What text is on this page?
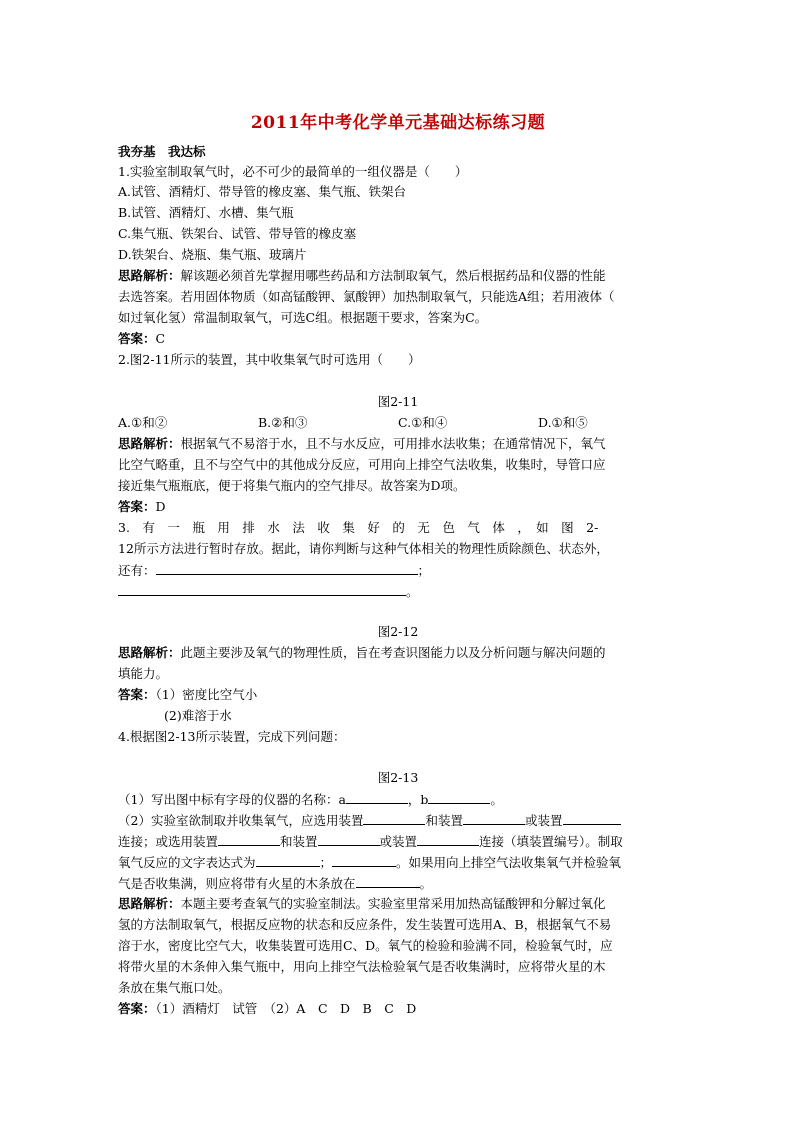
2011年中考化学单元基础达标练习题
我夯基　我达标
1.实验室制取氧气时，必不可少的最简单的一组仪器是（　　）
A.试管、酒精灯、带导管的橡皮塞、集气瓶、铁架台
B.试管、酒精灯、水槽、集气瓶
C.集气瓶、铁架台、试管、带导管的橡皮塞
D.铁架台、烧瓶、集气瓶、玻璃片
思路解析：解该题必须首先掌握用哪些药品和方法制取氧气，然后根据药品和仪器的性能
去选答案。若用固体物质（如高锰酸钾、氯酸钾）加热制取氧气，只能选A组；若用液体（
如过氧化氢）常温制取氧气，可选C组。根据题干要求，答案为C。
答案：C
2.图2-11所示的装置，其中收集氧气时可选用（　　）
图2-11
A.①和②	B.②和③	C.①和④	D.①和⑤
思路解析：根据氧气不易溶于水，且不与水反应，可用排水法收集；在通常情况下，氧气
比空气略重，且不与空气中的其他成分反应，可用向上排空气法收集，收集时，导管口应
接近集气瓶瓶底，便于将集气瓶内的空气排尽。故答案为D项。
答案：D
3.　有　一　瓶　用　排　水　法　收　集　好　的　无　色　气　体　，　如　图　2-
12所示方法进行暂时存放。据此，请你判断与这种气体相关的物理性质除颜色、状态外，
还有：	；
。
图2-12
思路解析：此题主要涉及氧气的物理性质，旨在考查识图能力以及分析问题与解决问题的
填能力。
答案：（1）密度比空气小
(2)难溶于水
4.根据图2-13所示装置，完成下列问题：
图2-13
（1）写出图中标有字母的仪器的名称：a	，b	。
（2）实验室欲制取并收集氧气，应选用装置	和装置	或装置
连接；或选用装置	和装置	或装置	连接（填装置编号）。制取
氧气反应的文字表达式为	；	。如果用向上排空气法收集氧气并检验氧
气是否收集满，则应将带有火星的木条放在	。
思路解析：本题主要考查氧气的实验室制法。实验室里常采用加热高锰酸钾和分解过氧化
氢的方法制取氧气，根据反应物的状态和反应条件，发生装置可选用A、B，根据氧气不易
溶于水，密度比空气大，收集装置可选用C、D。氧气的检验和验满不同，检验氧气时，应
将带火星的木条伸入集气瓶中，用向上排空气法检验氧气是否收集满时，应将带火星的木
条放在集气瓶口处。
答案：（1）酒精灯　试管　（2）A　C　D　B　C　D
